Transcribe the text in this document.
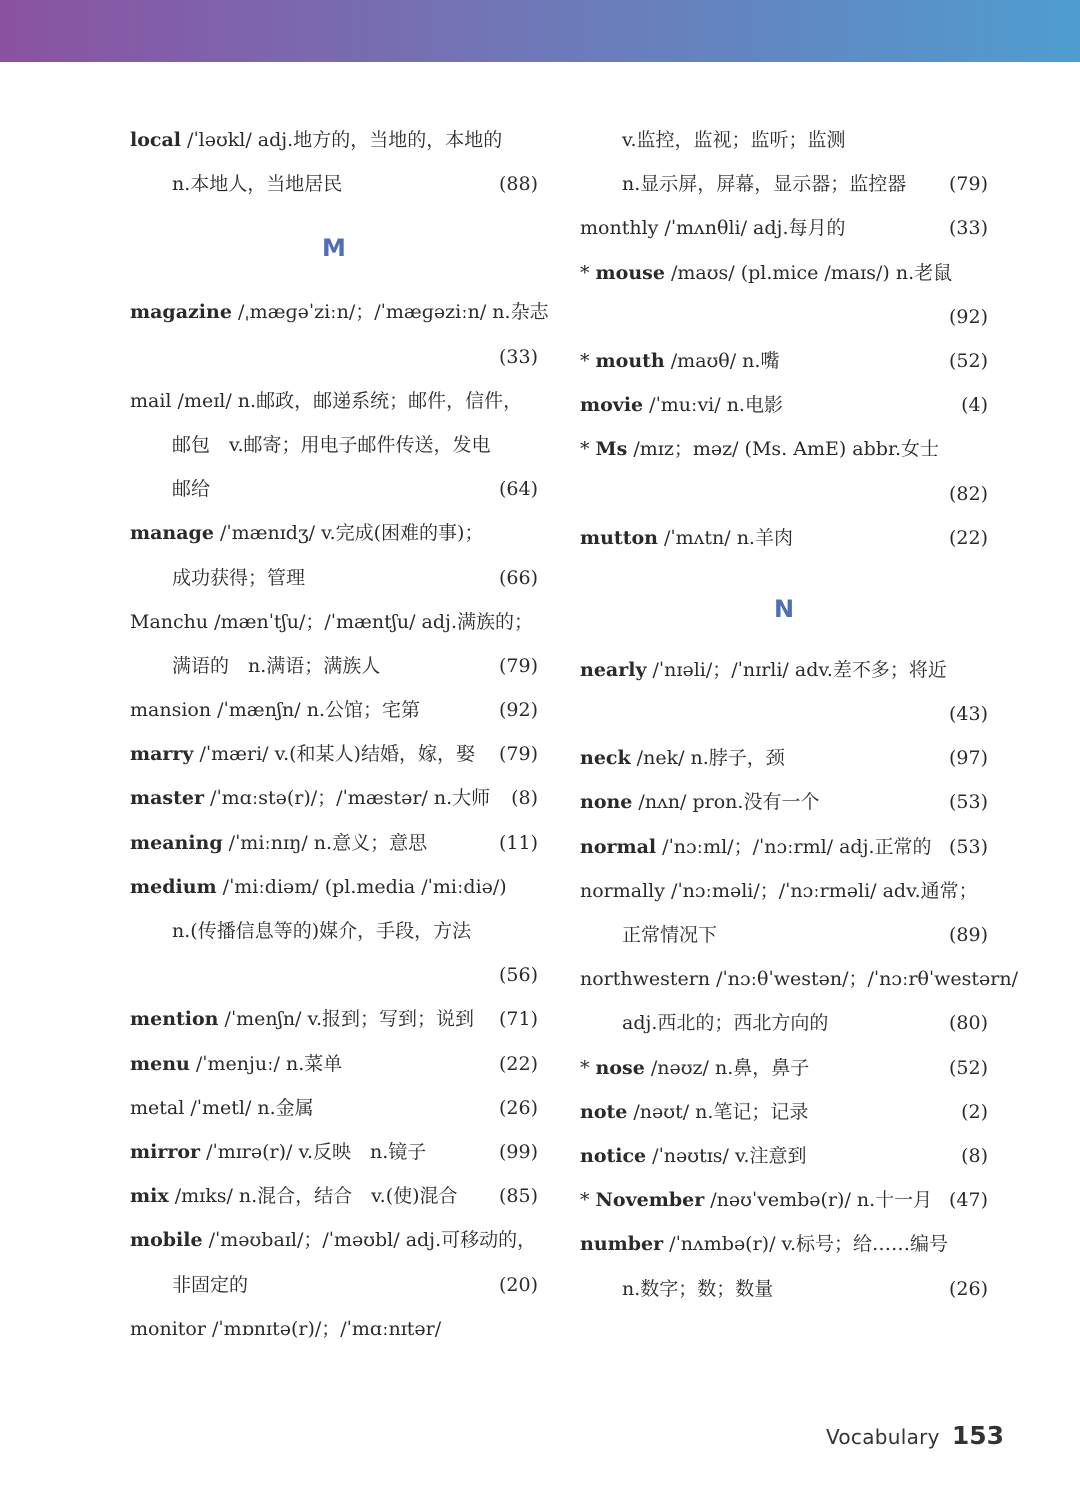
local /ˈləʊkl/ adj.地方的，当地的，本地的
n.本地人，当地居民	(88)
M
magazine /ˌmæɡəˈziːn/；/ˈmæɡəziːn/ n.杂志
(33)
mail /meɪl/ n.邮政，邮递系统；邮件，信件，
邮包　v.邮寄；用电子邮件传送，发电
邮给	(64)
manage /ˈmænɪdʒ/ v.完成(困难的事)；
成功获得；管理	(66)
Manchu /mænˈtʃu/；/ˈmæntʃu/ adj.满族的；
满语的　n.满语；满族人	(79)
mansion /ˈmænʃn/ n.公馆；宅第	(92)
marry /ˈmæri/ v.(和某人)结婚，嫁，娶 (79)
master /ˈmɑːstə(r)/；/ˈmæstər/ n.大师 (8)
meaning /ˈmiːnɪŋ/ n.意义；意思	(11)
medium /ˈmiːdiəm/ (pl.media /ˈmiːdiə/)
n.(传播信息等的)媒介，手段，方法
(56)
mention /ˈmenʃn/ v.报到；写到；说到 (71)
menu /ˈmenjuː/ n.菜单	(22)
metal /ˈmetl/ n.金属	(26)
mirror /ˈmɪrə(r)/ v.反映　n.镜子	(99)
mix /mɪks/ n.混合，结合　v.(使)混合 (85)
mobile /ˈməʊbaɪl/；/ˈməʊbl/ adj.可移动的，
非固定的	(20)
monitor /ˈmɒnɪtə(r)/；/ˈmɑːnɪtər/
v.监控，监视；监听；监测
n.显示屏，屏幕，显示器；监控器 (79)
monthly /ˈmʌnθli/ adj.每月的	(33)
* mouse /maʊs/ (pl.mice /maɪs/) n.老鼠
(92)
* mouth /maʊθ/ n.嘴	(52)
movie /ˈmuːvi/ n.电影	(4)
* Ms /mɪz；məz/ (Ms. AmE) abbr.女士
(82)
mutton /ˈmʌtn/ n.羊肉	(22)
N
nearly /ˈnɪəli/；/ˈnɪrli/ adv.差不多；将近
(43)
neck /nek/ n.脖子，颈	(97)
none /nʌn/ pron.没有一个	(53)
normal /ˈnɔːml/；/ˈnɔːrml/ adj.正常的 (53)
normally /ˈnɔːməli/；/ˈnɔːrməli/ adv.通常；
正常情况下	(89)
northwestern /ˈnɔːθˈwestən/；/ˈnɔːrθˈwestərn/
adj.西北的；西北方向的	(80)
* nose /nəʊz/ n.鼻，鼻子	(52)
note /nəʊt/ n.笔记；记录	(2)
notice /ˈnəʊtɪs/ v.注意到	(8)
* November /nəʊˈvembə(r)/ n.十一月 (47)
number /ˈnʌmbə(r)/ v.标号；给……编号
n.数字；数；数量	(26)
Vocabulary 153
